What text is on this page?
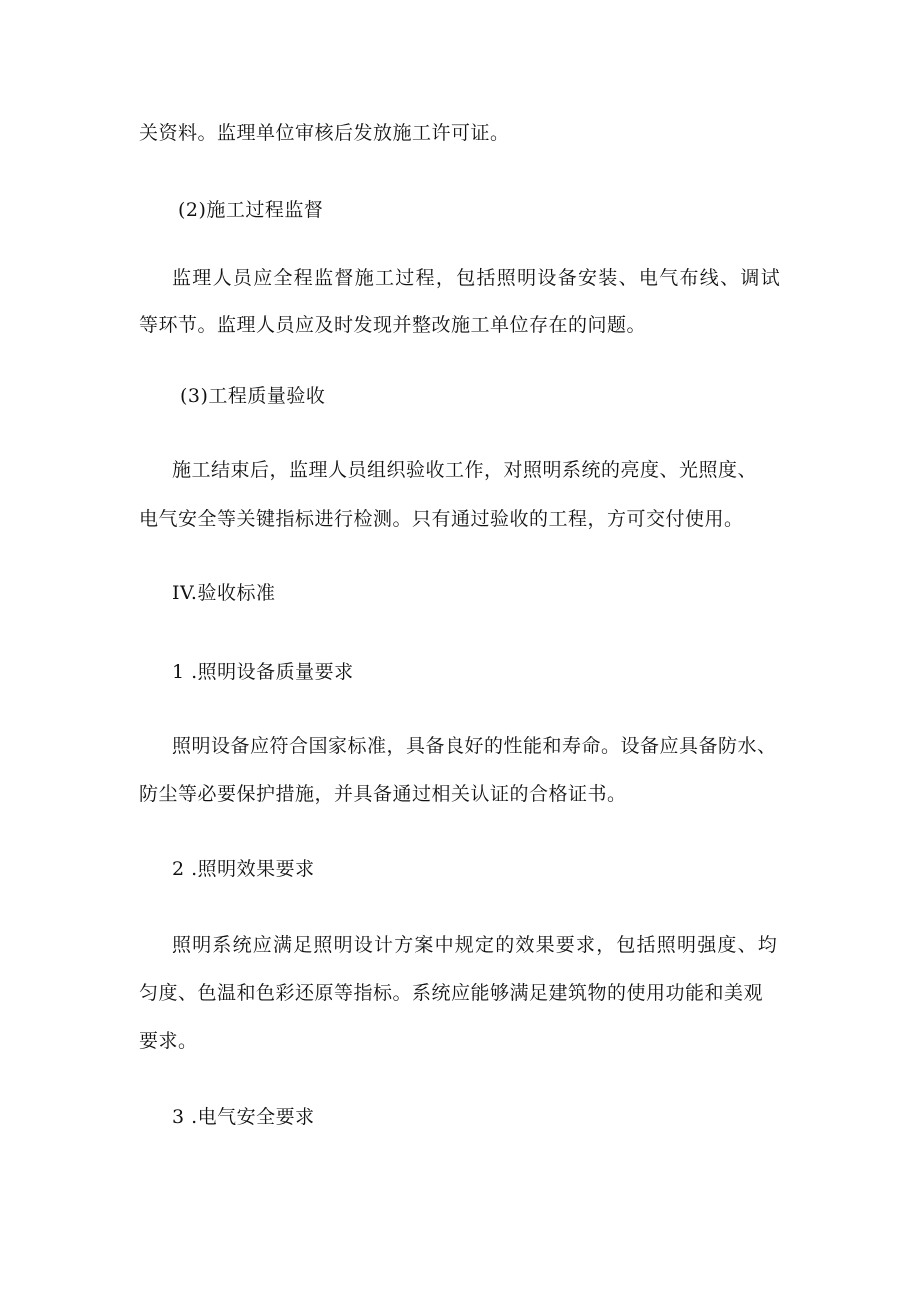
关资料。监理单位审核后发放施工许可证。
(2)施工过程监督
监理人员应全程监督施工过程，包括照明设备安装、电气布线、调试
等环节。监理人员应及时发现并整改施工单位存在的问题。
(3)工程质量验收
施工结束后，监理人员组织验收工作，对照明系统的亮度、光照度、
电气安全等关键指标进行检测。只有通过验收的工程，方可交付使用。
IV.验收标准
1 .照明设备质量要求
照明设备应符合国家标准，具备良好的性能和寿命。设备应具备防水、
防尘等必要保护措施，并具备通过相关认证的合格证书。
2 .照明效果要求
照明系统应满足照明设计方案中规定的效果要求，包括照明强度、均
匀度、色温和色彩还原等指标。系统应能够满足建筑物的使用功能和美观
要求。
3 .电气安全要求
